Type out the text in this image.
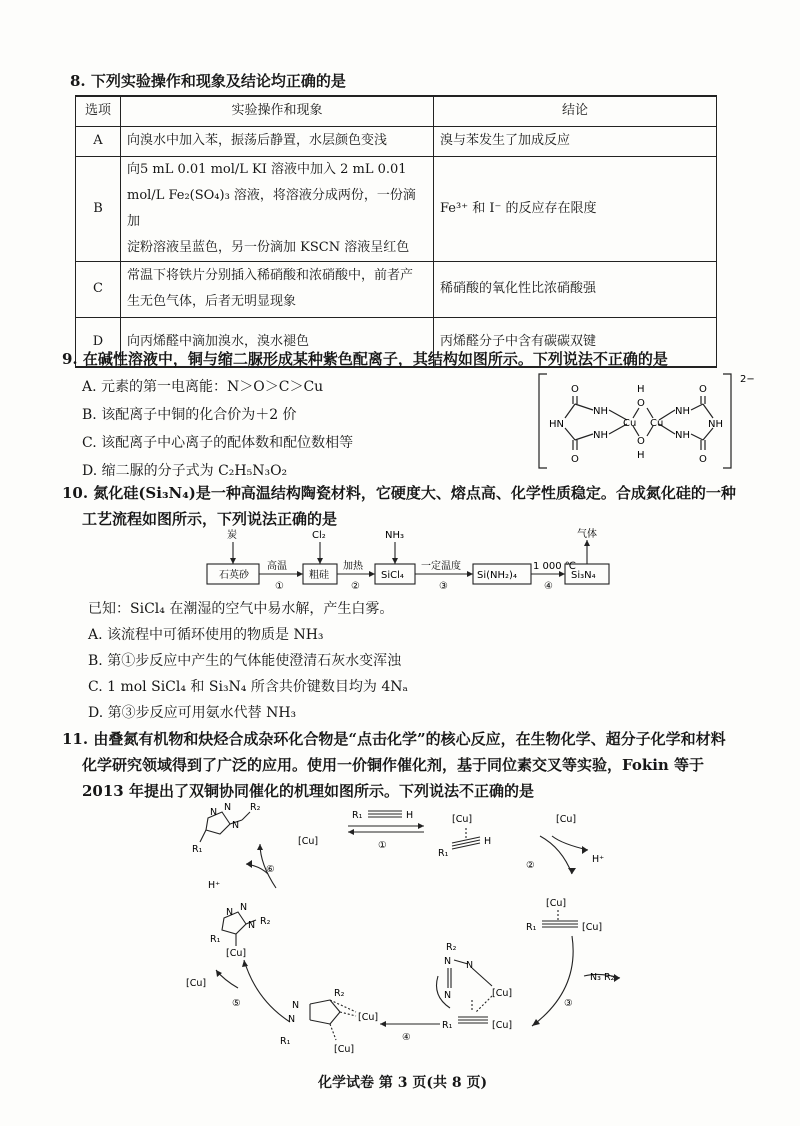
8. 下列实验操作和现象及结论均正确的是
选项	实验操作和现象	结论
A	向溴水中加入苯，振荡后静置，水层颜色变浅	溴与苯发生了加成反应
B	向5 mL 0.01 mol/L KI 溶液中加入 2 mL 0.01
mol/L Fe₂(SO₄)₃ 溶液，将溶液分成两份，一份滴加
淀粉溶液呈蓝色，另一份滴加 KSCN 溶液呈红色	Fe³⁺ 和 I⁻ 的反应存在限度
C	常温下将铁片分别插入稀硝酸和浓硝酸中，前者产
生无色气体，后者无明显现象	稀硝酸的氧化性比浓硝酸强
D	向丙烯醛中滴加溴水，溴水褪色	丙烯醛分子中含有碳碳双键
9. 在碱性溶液中，铜与缩二脲形成某种紫色配离子，其结构如图所示。下列说法不正确的是
A. 元素的第一电离能：N＞O＞C＞Cu
B. 该配离子中铜的化合价为＋2 价
C. 该配离子中心离子的配体数和配位数相等
D. 缩二脲的分子式为 C₂H₅N₃O₂
2−
O
NH
HN
NH
O
H
O
Cu Cu
O
H
NH
NH
NH
O
O
10. 氮化硅(Si₃N₄)是一种高温结构陶瓷材料，它硬度大、熔点高、化学性质稳定。合成氮化硅的一种
工艺流程如图所示，下列说法正确的是
石英砂	粗硅	SiCl₄	Si(NH₂)₄	Si₃N₄
炭	Cl₂	NH₃	气体
高温	加热	一定温度	1 000 ℃
①	②	③	④
已知：SiCl₄ 在潮湿的空气中易水解，产生白雾。
A. 该流程中可循环使用的物质是 NH₃
B. 第①步反应中产生的气体能使澄清石灰水变浑浊
C. 1 mol SiCl₄ 和 Si₃N₄ 所含共价键数目均为 4Nₐ
D. 第③步反应可用氨水代替 NH₃
11. 由叠氮有机物和炔烃合成杂环化合物是“点击化学”的核心反应，在生物化学、超分子化学和材料
化学研究领域得到了广泛的应用。使用一价铜作催化剂，基于同位素交叉等实验，Fokin 等于
2013 年提出了双铜协同催化的机理如图所示。下列说法不正确的是
N N
N
R₂
R₁
[Cu]
R₁	H
①
[Cu]
R₁
H
[Cu]
②
H⁺
H⁺
⑥
[Cu]
R₁	[Cu]
N N
N R₂
R₁
[Cu]
N₃ R₂
③
[Cu]
⑤	N
N
R₂
R₁
[Cu]
[Cu]
④
R₂
N N
N	[Cu]
R₁	[Cu]
化学试卷 第 3 页(共 8 页)
